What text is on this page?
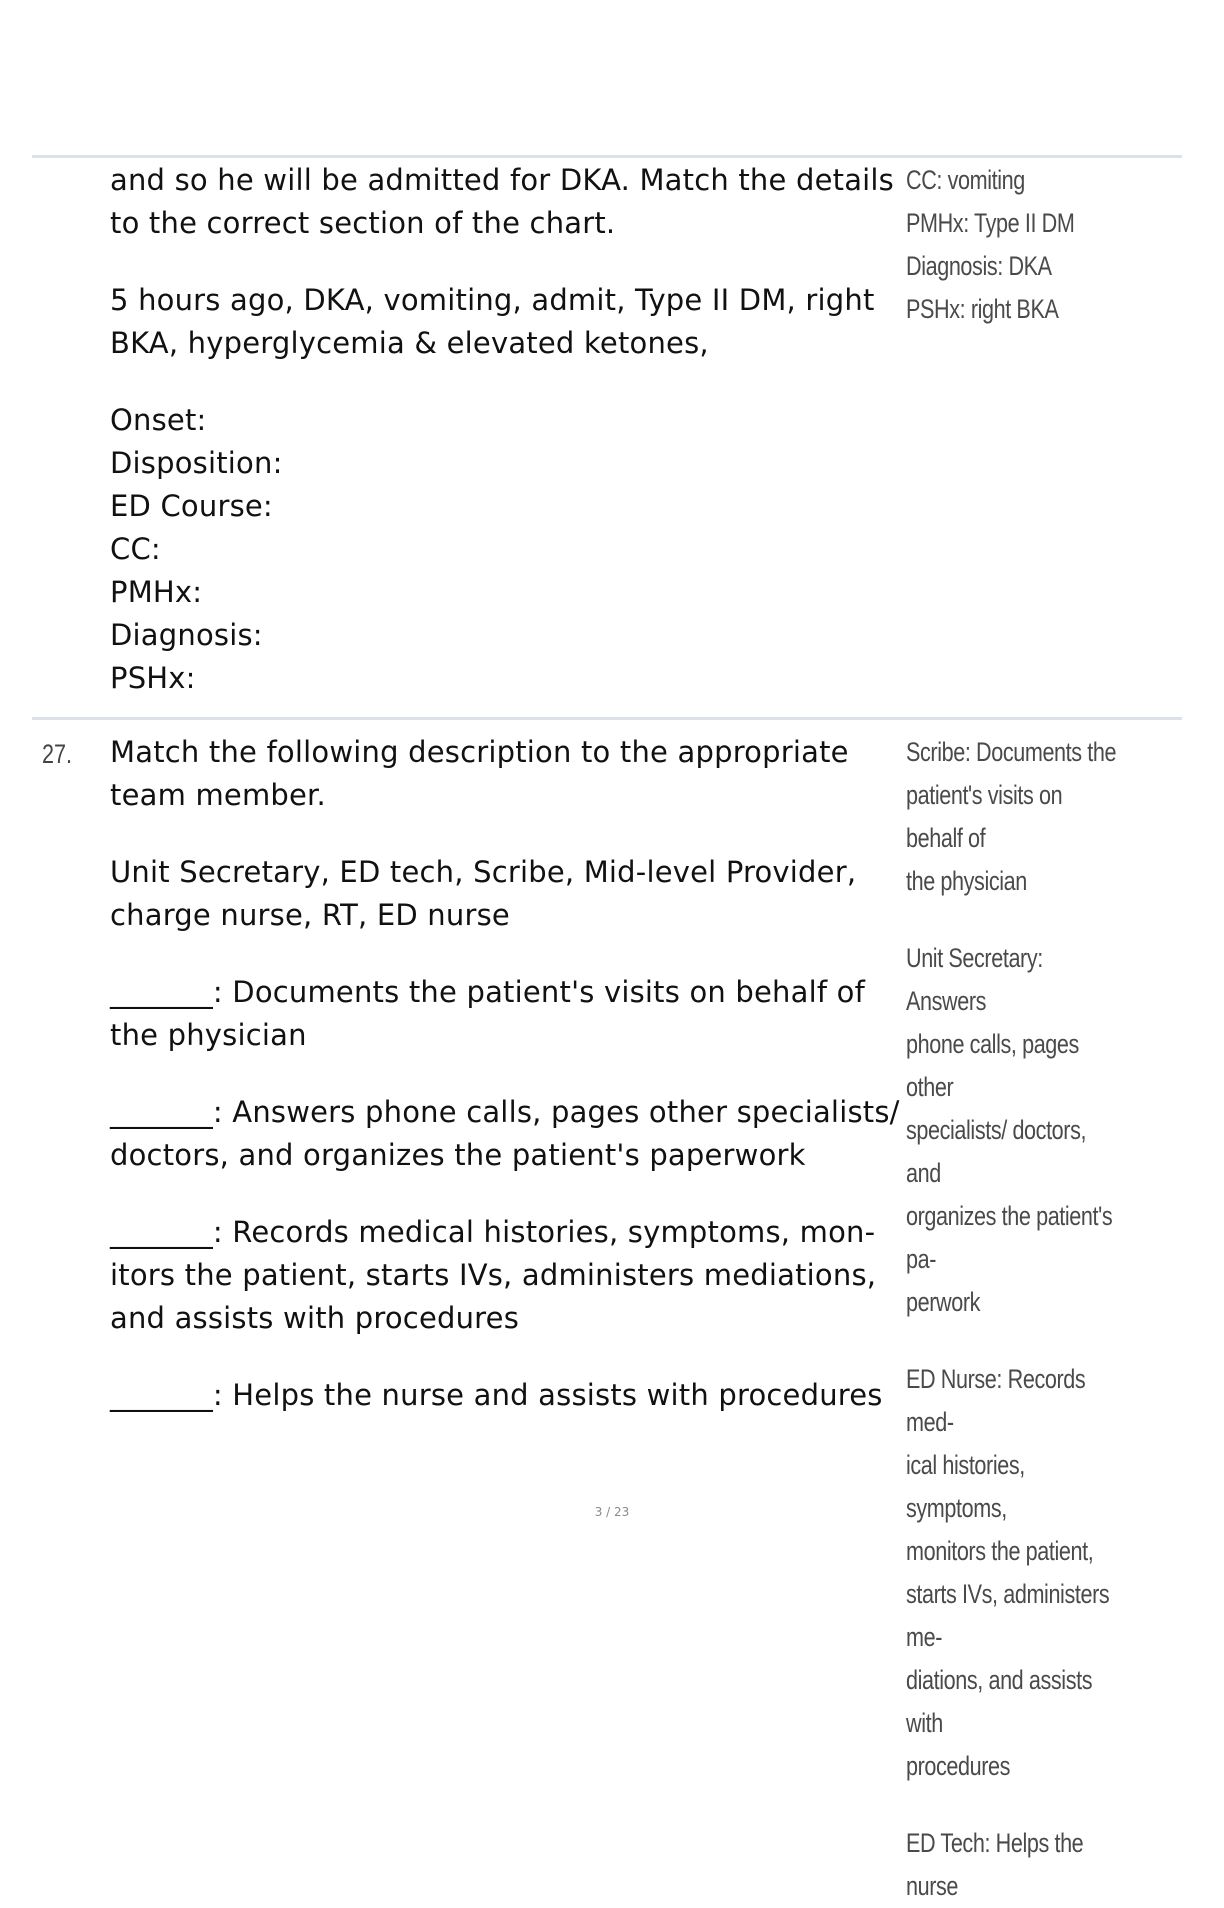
and so he will be admitted for DKA. Match the details

to the correct section of the chart.

5 hours ago, DKA, vomiting, admit, Type II DM, right

BKA, hyperglycemia & elevated ketones,

Onset:

Disposition:

ED Course:

CC:

PMHx:

Diagnosis:

PSHx:

CC: vomiting
PMHx: Type II DM
Diagnosis: DKA
PSHx: right BKA
27. Match the following description to the appropriate

team member.

Unit Secretary, ED tech, Scribe, Mid-level Provider,

charge nurse, RT, ED nurse

_______: Documents the patient's visits on behalf of

the physician

_______: Answers phone calls, pages other specialists/

doctors, and organizes the patient's paperwork

_______: Records medical histories, symptoms, mon-

itors the patient, starts IVs, administers mediations,

and assists with procedures

_______: Helps the nurse and assists with procedures

Scribe: Documents the
patient's visits on behalf of
the physician

Unit Secretary: Answers
phone calls, pages other
specialists/ doctors, and
organizes the patient's pa-
perwork

ED Nurse: Records med-
ical histories, symptoms,
monitors the patient,
starts IVs, administers me-
diations, and assists with
procedures

ED Tech: Helps the nurse

3 / 23
